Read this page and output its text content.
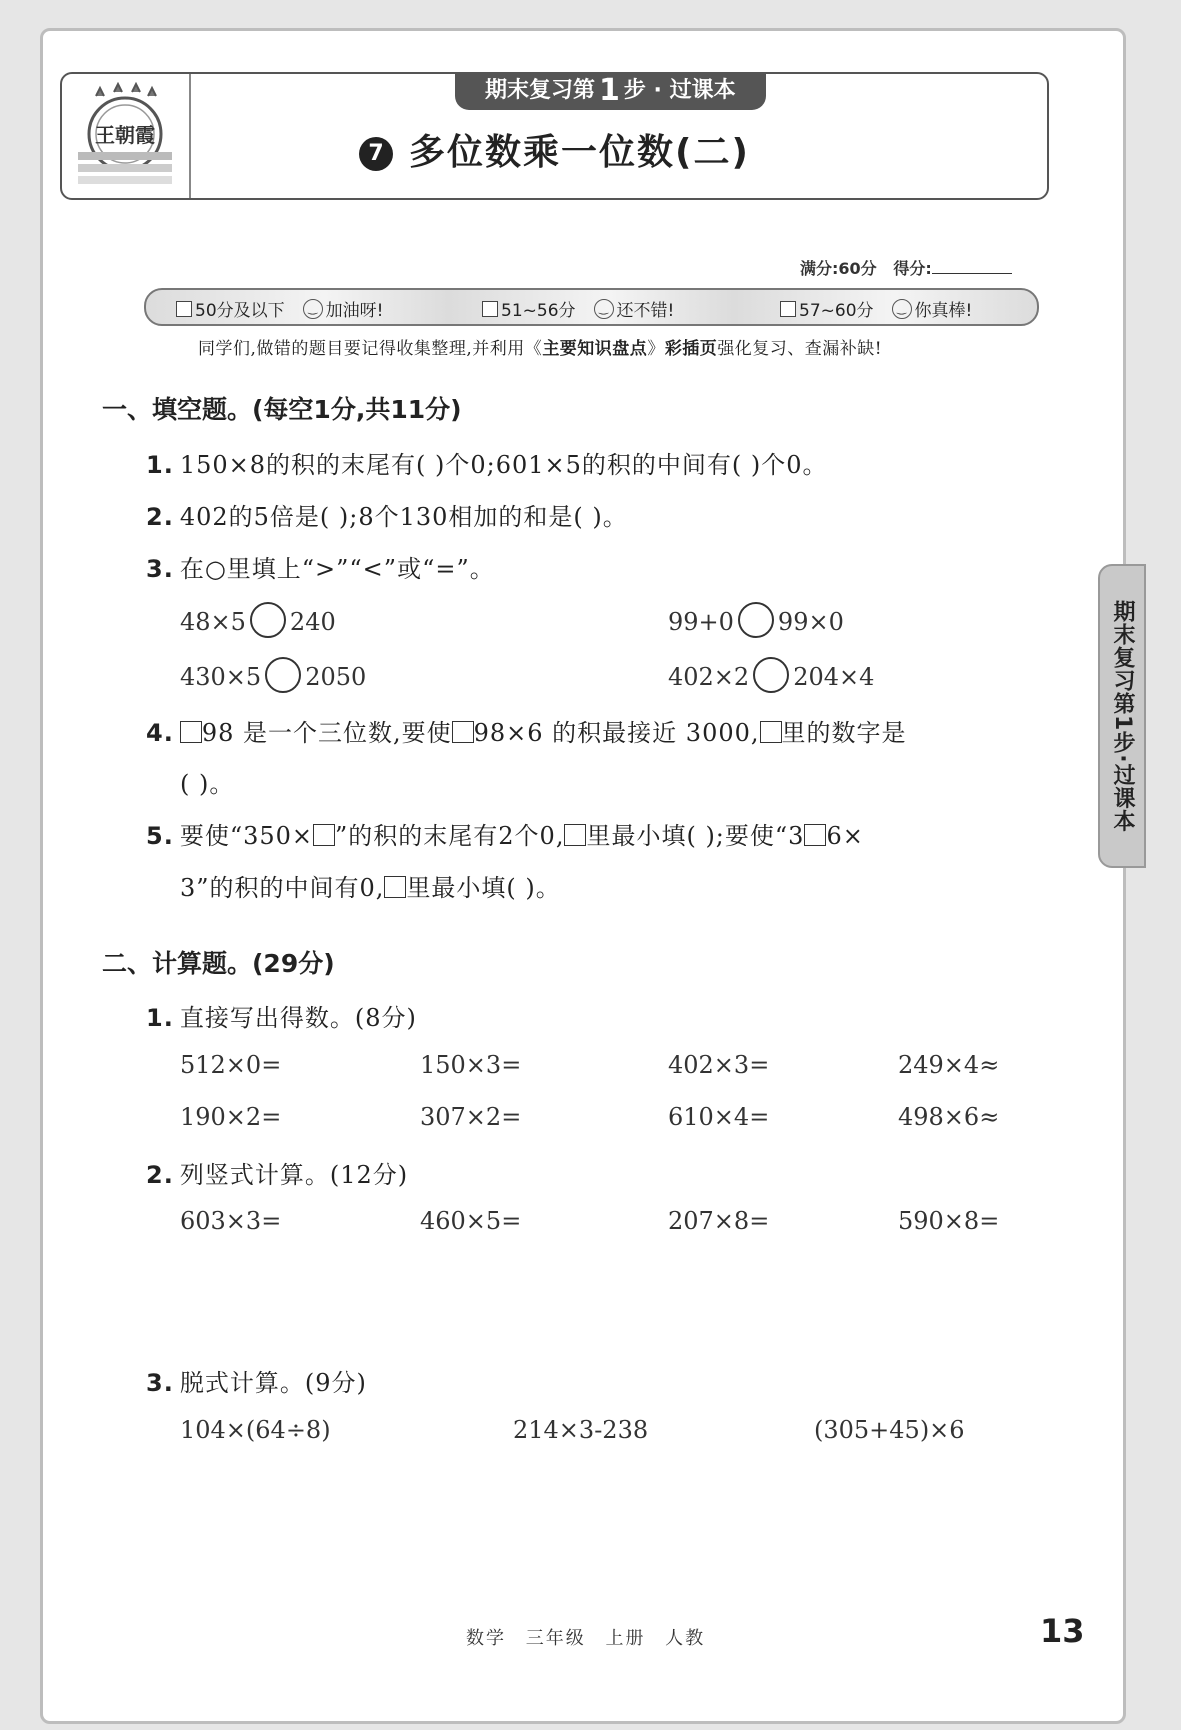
王朝霞
期末复习第 1 步 · 过课本
7 多位数乘一位数(二)
满分:60分 得分:
50分及以下	‿ 加油呀!	51~56分	‿ 还不错!	57~60分	‿ 你真棒!
同学们,做错的题目要记得收集整理,并利用《主要知识盘点》彩插页强化复习、查漏补缺!
一、填空题。(每空1分,共11分)
1. 150×8的积的末尾有( )个0;601×5的积的中间有( )个0。
2. 402的5倍是( );8个130相加的和是( )。
3. 在○里填上“>”“<”或“=”。
48×5 240	99+0 99×0
430×5 2050	402×2 204×4
4. 98 是一个三位数,要使 98×6 的积最接近 3000, 里的数字是
( )。
5. 要使“350× ”的积的末尾有2个0, 里最小填( );要使“3 6×
3”的积的中间有0, 里最小填( )。
二、计算题。(29分)
1. 直接写出得数。(8分)
512×0=	150×3=	402×3=	249×4≈
190×2=	307×2=	610×4=	498×6≈
2. 列竖式计算。(12分)
603×3=	460×5=	207×8=	590×8=
3. 脱式计算。(9分)
104×(64÷8)	214×3-238	(305+45)×6
期末复习第1步·过课本
数学 三年级 上册 人教	13
